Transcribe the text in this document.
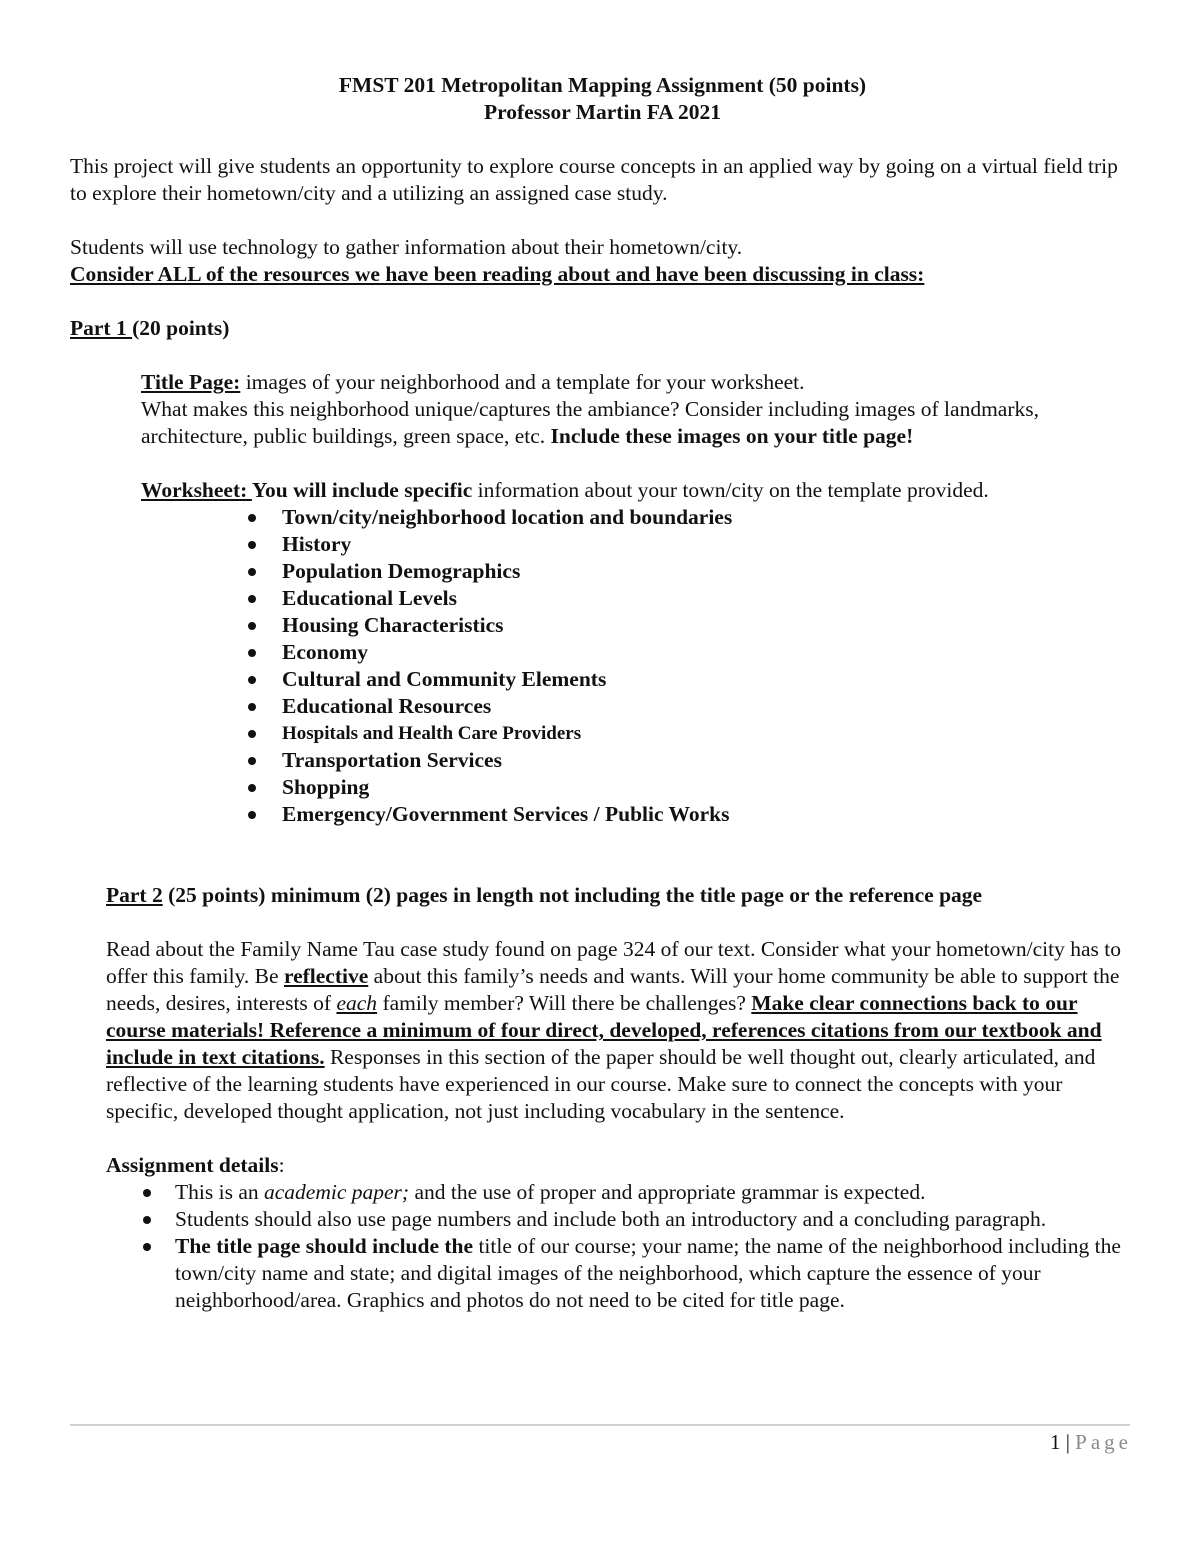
FMST 201 Metropolitan Mapping Assignment (50 points)

Professor Martin FA 2021

This project will give students an opportunity to explore course concepts in an applied way by going on a virtual field trip to explore their hometown/city and a utilizing an assigned case study.

Students will use technology to gather information about their hometown/city.

Consider ALL of the resources we have been reading about and have been discussing in class:

Part 1 (20 points)

Title Page: images of your neighborhood and a template for your worksheet.

What makes this neighborhood unique/captures the ambiance? Consider including images of landmarks, architecture, public buildings, green space, etc. Include these images on your title page!

Worksheet: You will include specific information about your town/city on the template provided.

Town/city/neighborhood location and boundaries
History
Population Demographics
Educational Levels
Housing Characteristics
Economy
Cultural and Community Elements
Educational Resources
Hospitals and Health Care Providers
Transportation Services
Shopping
Emergency/Government Services / Public Works

Part 2 (25 points) minimum (2) pages in length not including the title page or the reference page

Read about the Family Name Tau case study found on page 324 of our text. Consider what your hometown/city has to offer this family. Be reflective about this family’s needs and wants. Will your home community be able to support the needs, desires, interests of each family member? Will there be challenges? Make clear connections back to our course materials! Reference a minimum of four direct, developed, references citations from our textbook and include in text citations. Responses in this section of the paper should be well thought out, clearly articulated, and reflective of the learning students have experienced in our course. Make sure to connect the concepts with your specific, developed thought application, not just including vocabulary in the sentence.

Assignment details:

This is an academic paper; and the use of proper and appropriate grammar is expected.
Students should also use page numbers and include both an introductory and a concluding paragraph.
The title page should include the title of our course; your name; the name of the neighborhood including the town/city name and state; and digital images of the neighborhood, which capture the essence of your neighborhood/area. Graphics and photos do not need to be cited for title page.
1 | Page
